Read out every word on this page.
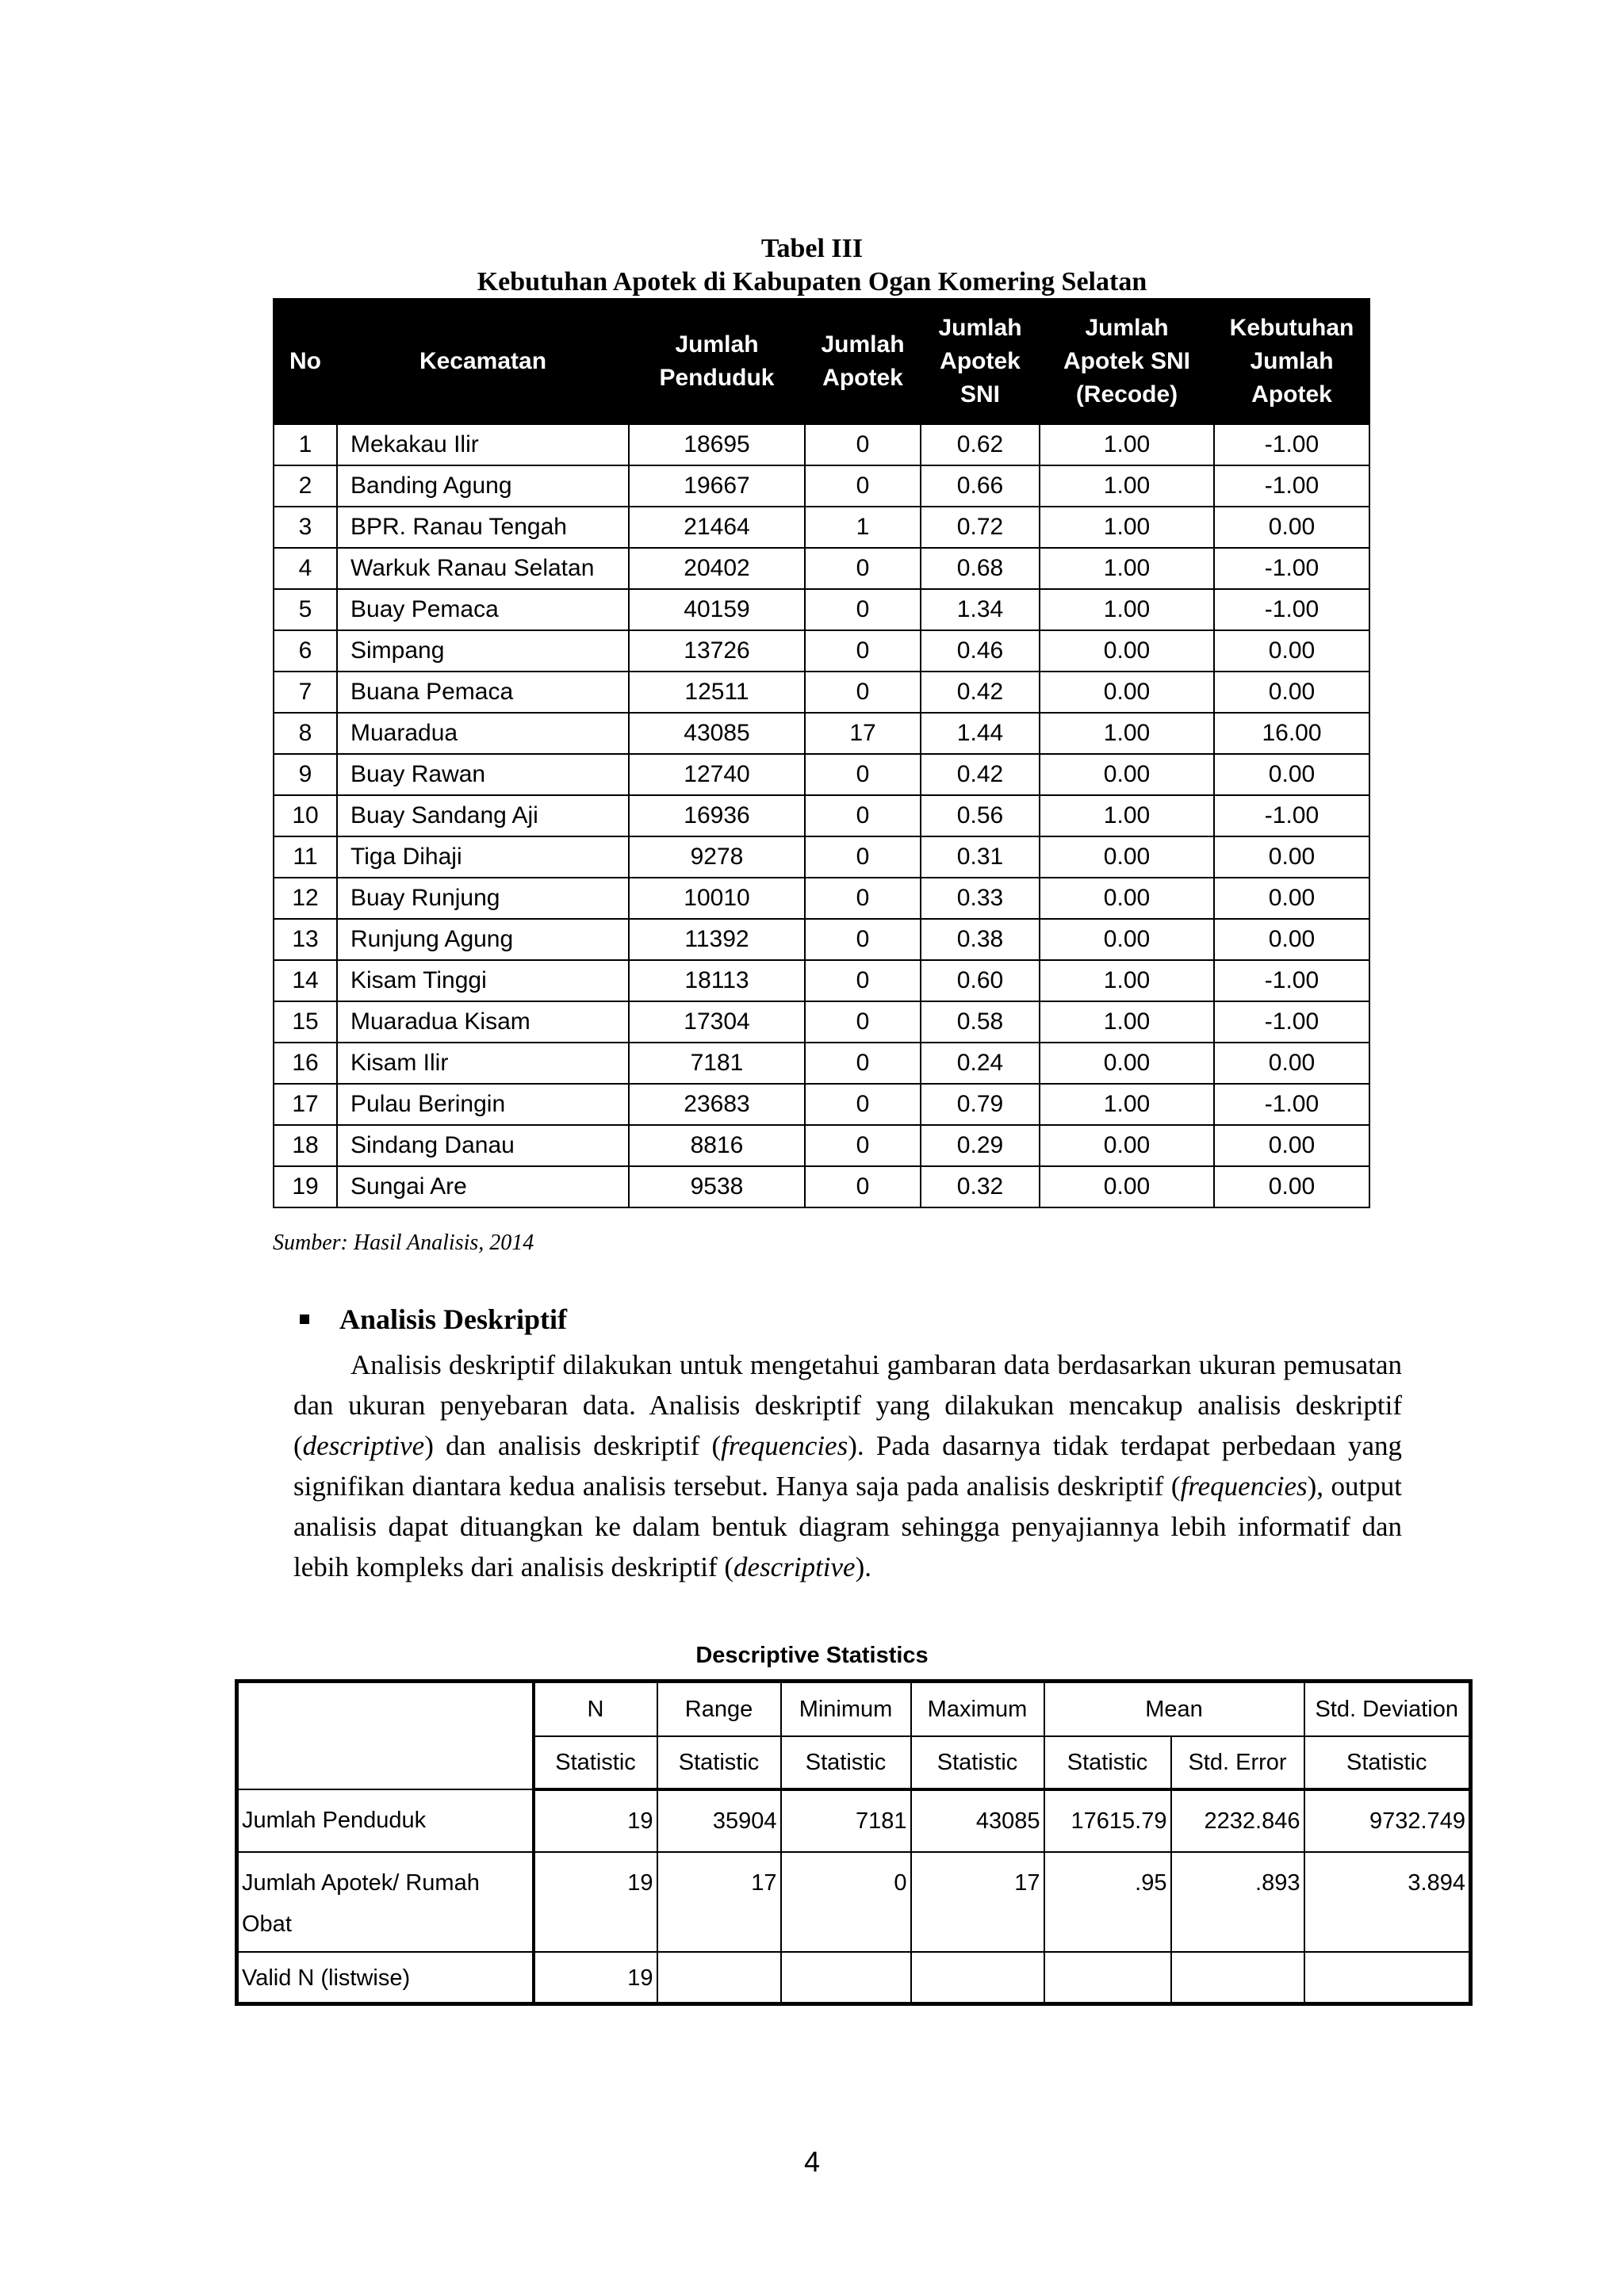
Tabel III
Kebutuhan Apotek di Kabupaten Ogan Komering Selatan
No	Kecamatan	Jumlah Penduduk	Jumlah Apotek	Jumlah Apotek SNI	Jumlah Apotek SNI (Recode)	Kebutuhan Jumlah Apotek
1	Mekakau Ilir	18695	0	0.62	1.00	-1.00
2	Banding Agung	19667	0	0.66	1.00	-1.00
3	BPR. Ranau Tengah	21464	1	0.72	1.00	0.00
4	Warkuk Ranau Selatan	20402	0	0.68	1.00	-1.00
5	Buay Pemaca	40159	0	1.34	1.00	-1.00
6	Simpang	13726	0	0.46	0.00	0.00
7	Buana Pemaca	12511	0	0.42	0.00	0.00
8	Muaradua	43085	17	1.44	1.00	16.00
9	Buay Rawan	12740	0	0.42	0.00	0.00
10	Buay Sandang Aji	16936	0	0.56	1.00	-1.00
11	Tiga Dihaji	9278	0	0.31	0.00	0.00
12	Buay Runjung	10010	0	0.33	0.00	0.00
13	Runjung Agung	11392	0	0.38	0.00	0.00
14	Kisam Tinggi	18113	0	0.60	1.00	-1.00
15	Muaradua Kisam	17304	0	0.58	1.00	-1.00
16	Kisam Ilir	7181	0	0.24	0.00	0.00
17	Pulau Beringin	23683	0	0.79	1.00	-1.00
18	Sindang Danau	8816	0	0.29	0.00	0.00
19	Sungai Are	9538	0	0.32	0.00	0.00
Sumber: Hasil Analisis, 2014
Analisis Deskriptif

Analisis deskriptif dilakukan untuk mengetahui gambaran data berdasarkan ukuran pemusatan dan ukuran penyebaran data. Analisis deskriptif yang dilakukan mencakup analisis deskriptif (descriptive) dan analisis deskriptif (frequencies). Pada dasarnya tidak terdapat perbedaan yang signifikan diantara kedua analisis tersebut. Hanya saja pada analisis deskriptif (frequencies), output analisis dapat dituangkan ke dalam bentuk diagram sehingga penyajiannya lebih informatif dan lebih kompleks dari analisis deskriptif (descriptive).

Descriptive Statistics
	N	Range	Minimum	Maximum	Mean		Std. Deviation
	Statistic	Statistic	Statistic	Statistic	Statistic	Std. Error	Statistic
Jumlah Penduduk	19	35904	7181	43085	17615.79	2232.846	9732.749
Jumlah Apotek/ Rumah Obat	19	17	0	17	.95	.893	3.894
Valid N (listwise)	19						
4
